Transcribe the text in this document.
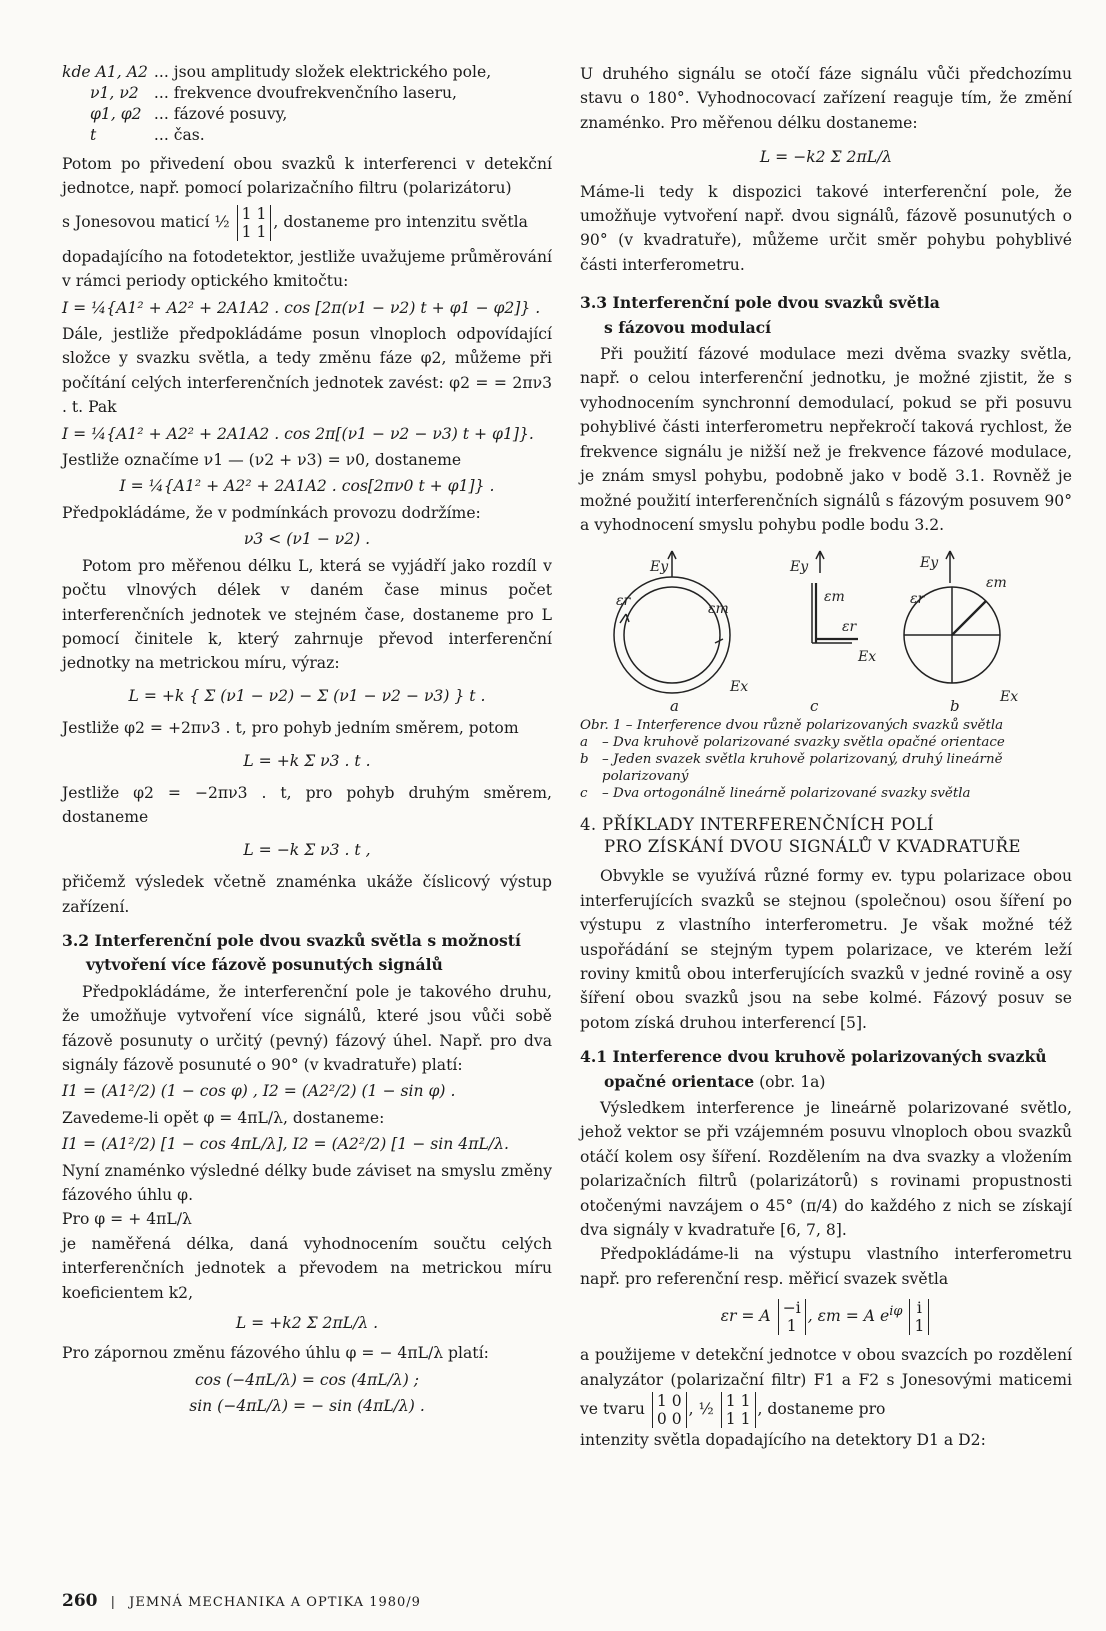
kde A1, A2	... jsou amplitudy složek elektrického pole,
ν1, ν2	... frekvence dvoufrekvenčního laseru,
φ1, φ2	... fázové posuvy,
t	... čas.

Potom po přivedení obou svazků k interferenci v detekční jednotce, např. pomocí polarizačního filtru (polarizátoru)

s Jonesovou maticí ½ 1 1
1 1
, dostaneme pro intenzitu světla

dopadajícího na fotodetektor, jestliže uvažujeme průměrování v rámci periody optického kmitočtu:

I = ¼{A1² + A2² + 2A1A2 . cos [2π(ν1 − ν2) t + φ1 − φ2]} .

Dále, jestliže předpokládáme posun vlnoploch odpovídající složce y svazku světla, a tedy změnu fáze φ2, můžeme při počítání celých interferenčních jednotek zavést: φ2 = = 2πν3 . t. Pak

I = ¼{A1² + A2² + 2A1A2 . cos 2π[(ν1 − ν2 − ν3) t + φ1]}.

Jestliže označíme ν1 — (ν2 + ν3) = ν0, dostaneme

I = ¼{A1² + A2² + 2A1A2 . cos[2πν0 t + φ1]} .

Předpokládáme, že v podmínkách provozu dodržíme:

ν3 < (ν1 − ν2) .

Potom pro měřenou délku L, která se vyjádří jako rozdíl v počtu vlnových délek v daném čase minus počet interferenčních jednotek ve stejném čase, dostaneme pro L pomocí činitele k, který zahrnuje převod interferenční jednotky na metrickou míru, výraz:

L = +k { Σ (ν1 − ν2) − Σ (ν1 − ν2 − ν3) } t .

Jestliže φ2 = +2πν3 . t, pro pohyb jedním směrem, potom

L = +k Σ ν3 . t .

Jestliže φ2 = −2πν3 . t, pro pohyb druhým směrem, dostaneme

L = −k Σ ν3 . t ,

přičemž výsledek včetně znaménka ukáže číslicový výstup zařízení.

3.2 Interferenční pole dvou svazků světla s možností
vytvoření více fázově posunutých signálů

Předpokládáme, že interferenční pole je takového druhu, že umožňuje vytvoření více signálů, které jsou vůči sobě fázově posunuty o určitý (pevný) fázový úhel. Např. pro dva signály fázově posunuté o 90° (v kvadratuře) platí:

I1 = (A1²/2) (1 − cos φ) , I2 = (A2²/2) (1 − sin φ) .

Zavedeme-li opět φ = 4πL/λ, dostaneme:

I1 = (A1²/2) [1 − cos 4πL/λ], I2 = (A2²/2) [1 − sin 4πL/λ.

Nyní znaménko výsledné délky bude záviset na smyslu změny fázového úhlu φ.

Pro φ = + 4πL/λ

je naměřená délka, daná vyhodnocením součtu celých interferenčních jednotek a převodem na metrickou míru koeficientem k2,

L = +k2 Σ 2πL/λ .

Pro zápornou změnu fázového úhlu φ = − 4πL/λ platí:

cos (−4πL/λ) = cos (4πL/λ) ;
sin (−4πL/λ) = − sin (4πL/λ) .

U druhého signálu se otočí fáze signálu vůči předchozímu stavu o 180°. Vyhodnocovací zařízení reaguje tím, že změní znaménko. Pro měřenou délku dostaneme:

L = −k2 Σ 2πL/λ

Máme-li tedy k dispozici takové interferenční pole, že umožňuje vytvoření např. dvou signálů, fázově posunutých o 90° (v kvadratuře), můžeme určit směr pohybu pohyblivé části interferometru.

3.3 Interferenční pole dvou svazků světla
s fázovou modulací

Při použití fázové modulace mezi dvěma svazky světla, např. o celou interferenční jednotku, je možné zjistit, že s vyhodnocením synchronní demodulací, pokud se při posuvu pohyblivé části interferometru nepřekročí taková rychlost, že frekvence signálu je nižší než je frekvence fázové modulace, je znám smysl pohybu, podobně jako v bodě 3.1. Rovněž je možné použití interferenčních signálů s fázovým posuvem 90° a vyhodnocení smyslu pohybu podle bodu 3.2.

Ey
εr	εm
Ex
Ey
εm
εr
Ex
Ey
εr
εm
Ex
a	c	b
Obr. 1 – Interference dvou různě polarizovaných svazků světla
a	– Dva kruhově polarizované svazky světla opačné orientace
b	– Jeden svazek světla kruhově polarizovaný, druhý lineárně polarizovaný
c	– Dva ortogonálně lineárně polarizované svazky světla
4. PŘÍKLADY INTERFERENČNÍCH POLÍ
PRO ZÍSKÁNÍ DVOU SIGNÁLŮ V KVADRATUŘE

Obvykle se využívá různé formy ev. typu polarizace obou interferujících svazků se stejnou (společnou) osou šíření po výstupu z vlastního interferometru. Je však možné též uspořádání se stejným typem polarizace, ve kterém leží roviny kmitů obou interferujících svazků v jedné rovině a osy šíření obou svazků jsou na sebe kolmé. Fázový posuv se potom získá druhou interferencí [5].

4.1 Interference dvou kruhově polarizovaných svazků
opačné orientace (obr. 1a)

Výsledkem interference je lineárně polarizované světlo, jehož vektor se při vzájemném posuvu vlnoploch obou svazků otáčí kolem osy šíření. Rozdělením na dva svazky a vložením polarizačních filtrů (polarizátorů) s rovinami propustnosti otočenými navzájem o 45° (π/4) do každého z nich se získají dva signály v kvadratuře [6, 7, 8].

Předpokládáme-li na výstupu vlastního interferometru např. pro referenční resp. měřicí svazek světla

εr = A −i
1
, εm = A $e^{i\varphi}$ i
1

a použijeme v detekční jednotce v obou svazcích po rozdělení analyzátor (polarizační filtr) F1 a F2 s Jonesovými maticemi ve tvaru 1 0
0 0
, ½ 1 1
1 1
, dostaneme pro

intenzity světla dopadajícího na detektory D1 a D2:

260 | JEMNÁ MECHANIKA A OPTIKA 1980/9
